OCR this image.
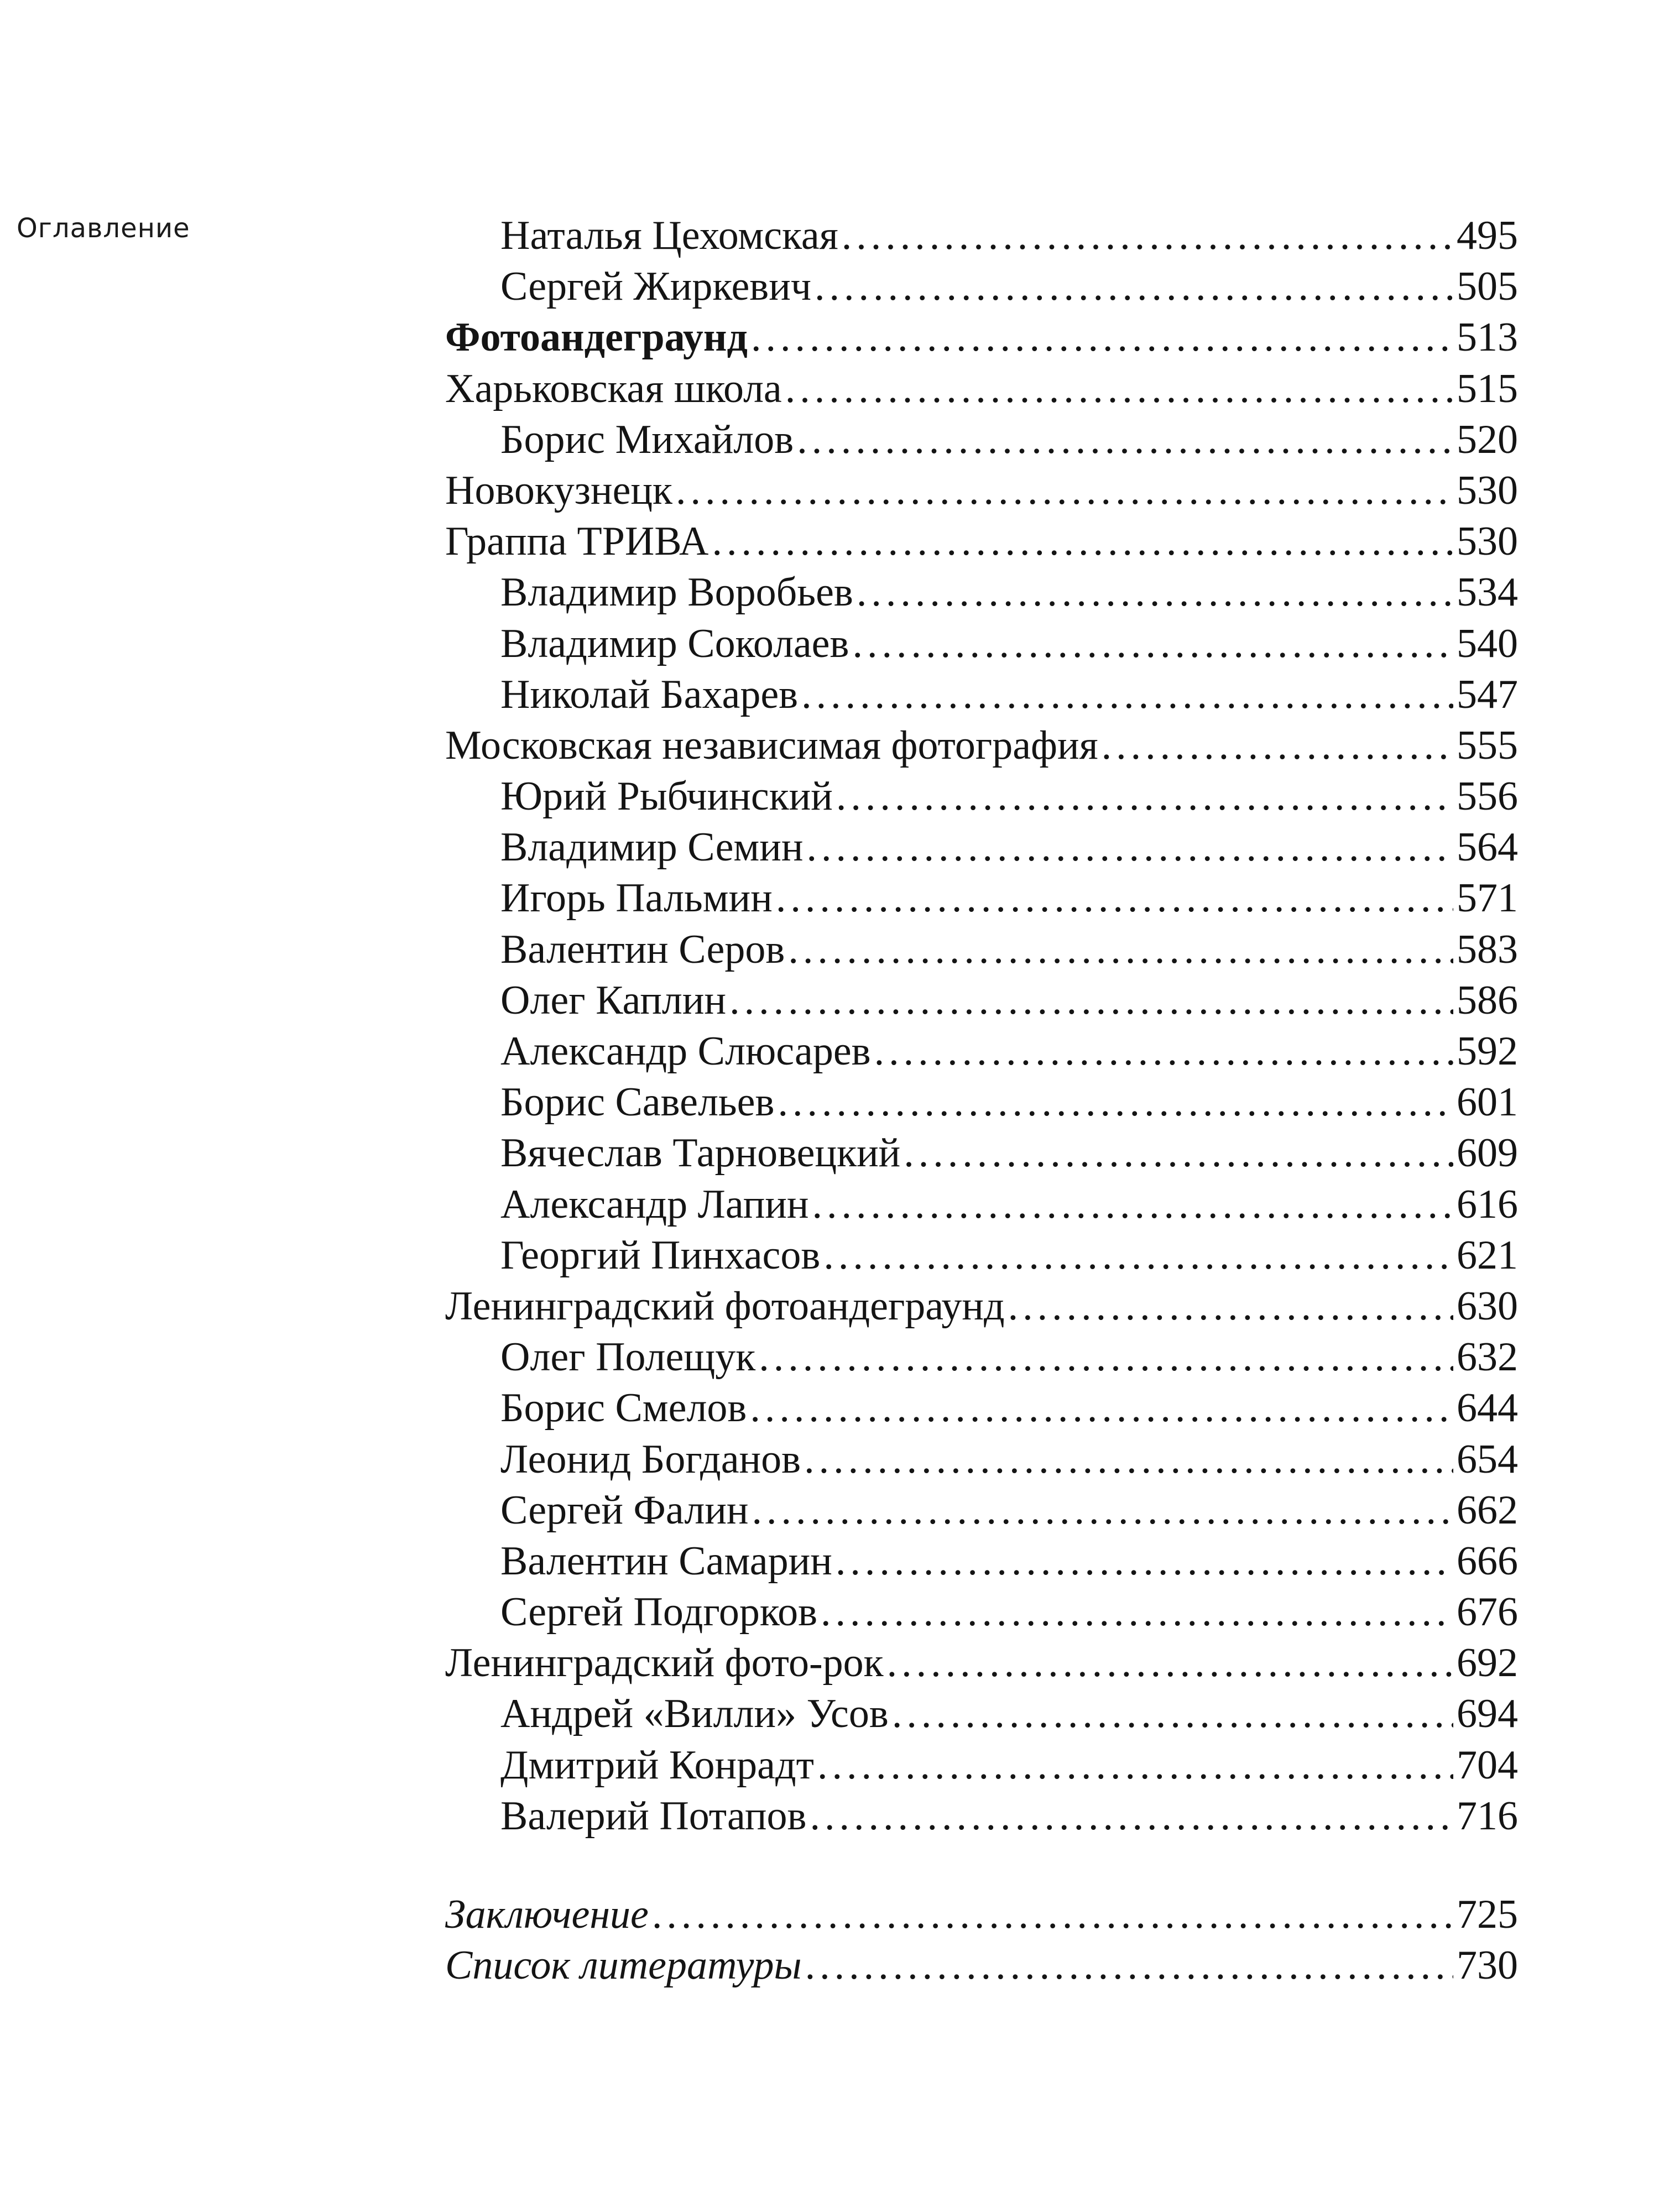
Оглавление	Наталья Цехомская .....	495
Сергей Жиркевич .....	505
Фотоандеграунд .....	513
Харьковская школа .....	515
Борис Михайлов .....	520
Новокузнецк .....	530
Грaппа ТРИВА .....	530
Владимир Воробьев .....	534
Владимир Соколаев .....	540
Николай Бахарев .....	547
Московская независимая фотография .....	555
Юрий Рыбчинский .....	556
Владимир Семин .....	564
Игорь Пальмин .....	571
Валентин Серов .....	583
Олег Каплин .....	586
Александр Слюсарев .....	592
Борис Савельев .....	601
Вячеслав Тарновецкий .....	609
Александр Лапин .....	616
Георгий Пинхасов .....	621
Ленинградский фотоандеграунд .....	630
Олег Полещук .....	632
Борис Смелов .....	644
Леонид Богданов .....	654
Сергей Фалин .....	662
Валентин Самарин .....	666
Сергей Подгорков .....	676
Ленинградский фото-рок .....	692
Андрей «Вилли» Усов .....	694
Дмитрий Конрадт .....	704
Валерий Потапов .....	716
Заключение .....	725
Список литературы .....	730
